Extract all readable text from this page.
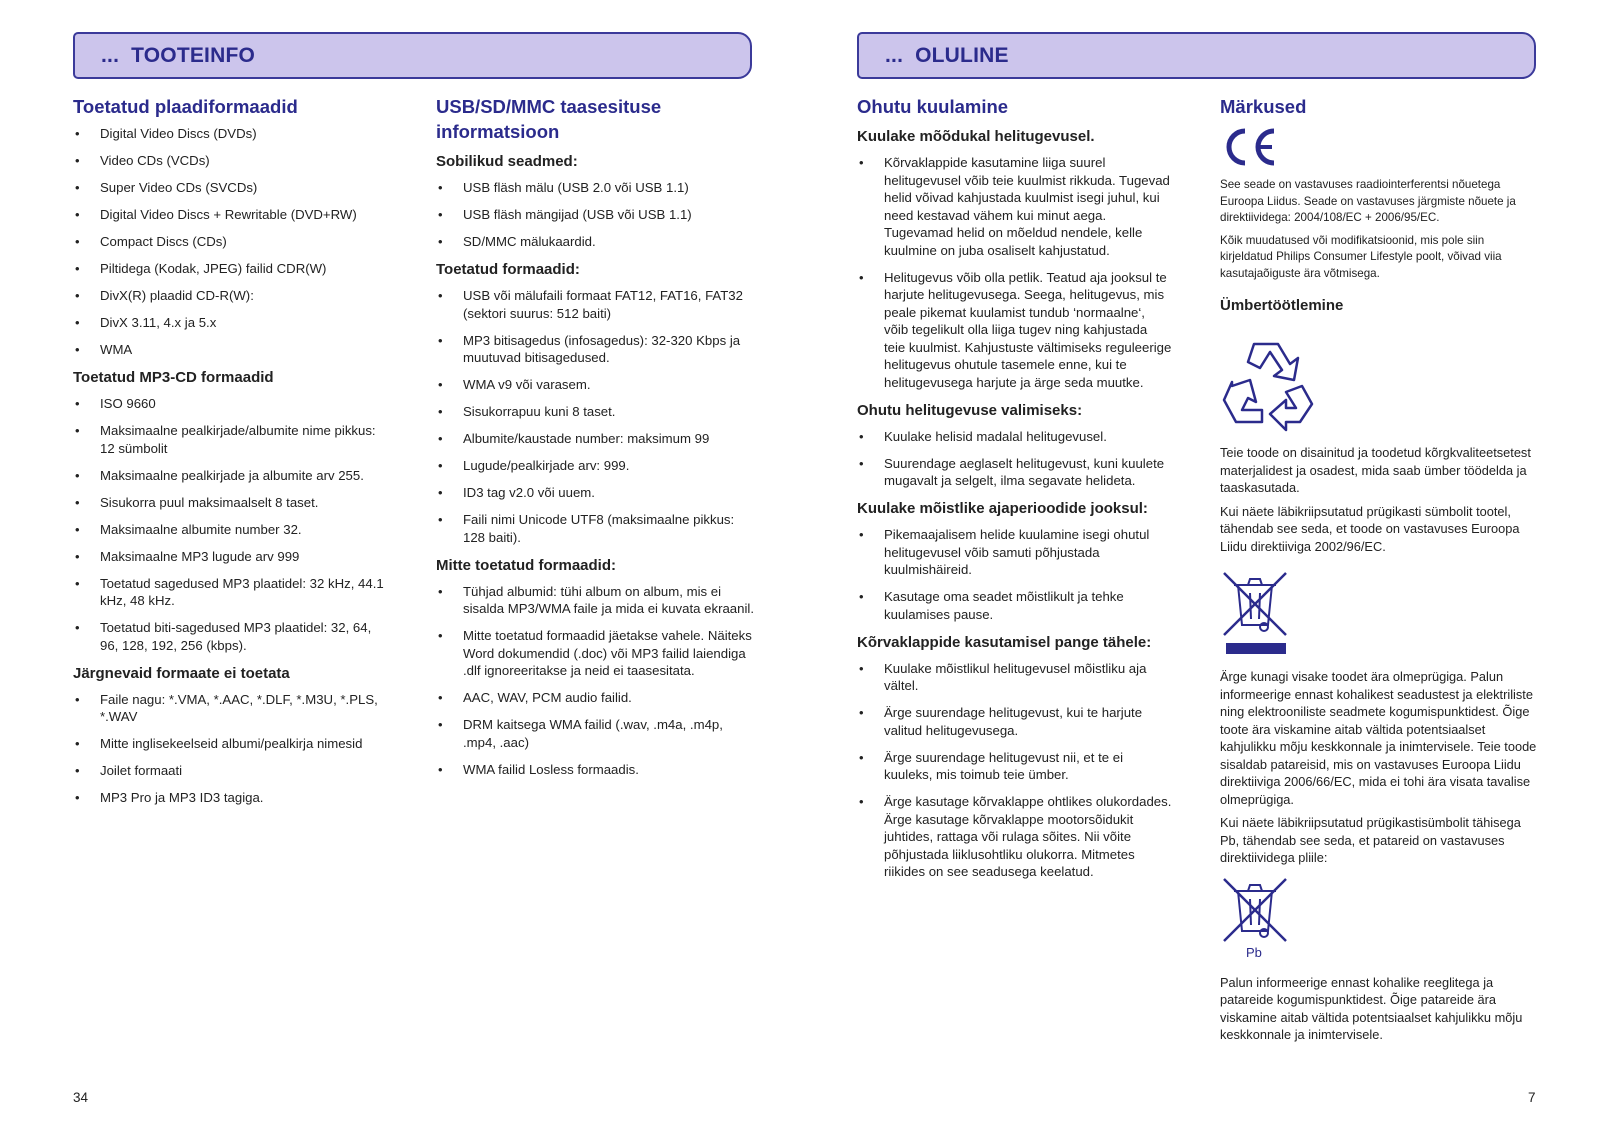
... TOOTEINFO
Toetatud plaadiformaadid
• Digital Video Discs (DVDs)
• Video CDs (VCDs)
• Super Video CDs (SVCDs)
• Digital Video Discs + Rewritable (DVD+RW)
• Compact Discs (CDs)
• Piltidega (Kodak, JPEG) failid CDR(W)
• DivX(R) plaadid CD-R(W):
• DivX 3.11, 4.x ja 5.x
• WMA
Toetatud MP3-CD formaadid
• ISO 9660
• Maksimaalne pealkirjade/albumite nime pikkus: 12 sümbolit
• Maksimaalne pealkirjade ja albumite arv 255.
• Sisukorra puul maksimaalselt 8 taset.
• Maksimaalne albumite number 32.
• Maksimaalne MP3 lugude arv 999
• Toetatud sagedused MP3 plaatidel: 32 kHz, 44.1 kHz, 48 kHz.
• Toetatud biti-sagedused MP3 plaatidel: 32, 64, 96, 128, 192, 256 (kbps).
Järgnevaid formaate ei toetata
• Faile nagu: *.VMA, *.AAC, *.DLF, *.M3U, *.PLS, *.WAV
• Mitte inglisekeelseid albumi/pealkirja nimesid
• Joilet formaati
• MP3 Pro ja MP3 ID3 tagiga.
USB/SD/MMC taasesituse informatsioon
Sobilikud seadmed:
• USB fläsh mälu (USB 2.0 või USB 1.1)
• USB fläsh mängijad (USB või USB 1.1)
• SD/MMC mälukaardid.
Toetatud formaadid:
• USB või mälufaili formaat FAT12, FAT16, FAT32 (sektori suurus: 512 baiti)
• MP3 bitisagedus (infosagedus): 32-320 Kbps ja muutuvad bitisagedused.
• WMA v9 või varasem.
• Sisukorrapuu kuni 8 taset.
• Albumite/kaustade number: maksimum 99
• Lugude/pealkirjade arv: 999.
• ID3 tag v2.0 või uuem.
• Faili nimi Unicode UTF8 (maksimaalne pikkus: 128 baiti).
Mitte toetatud formaadid:
• Tühjad albumid: tühi album on album, mis ei sisalda MP3/WMA faile ja mida ei kuvata ekraanil.
• Mitte toetatud formaadid jäetakse vahele. Näiteks Word dokumendid (.doc) või MP3 failid laiendiga .dlf ignoreeritakse ja neid ei taasesitata.
• AAC, WAV, PCM audio failid.
• DRM kaitsega WMA failid (.wav, .m4a, .m4p, .mp4, .aac)
• WMA failid Losless formaadis.
34
... OLULINE
Ohutu kuulamine
Kuulake mõõdukal helitugevusel.
• Kõrvaklappide kasutamine liiga suurel helitugevusel võib teie kuulmist rikkuda. Tugevad helid võivad kahjustada kuulmist isegi juhul, kui need kestavad vähem kui minut aega. Tugevamad helid on mõeldud nendele, kelle kuulmine on juba osaliselt kahjustatud.
• Helitugevus võib olla petlik. Teatud aja jooksul te harjute helitugevusega. Seega, helitugevus, mis peale pikemat kuulamist tundub ‘normaalne‘, võib tegelikult olla liiga tugev ning kahjustada teie kuulmist. Kahjustuste vältimiseks reguleerige helitugevus ohutule tasemele enne, kui te helitugevusega harjute ja ärge seda muutke.
Ohutu helitugevuse valimiseks:
• Kuulake helisid madalal helitugevusel.
• Suurendage aeglaselt helitugevust, kuni kuulete mugavalt ja selgelt, ilma segavate helideta.
Kuulake mõistlike ajaperioodide jooksul:
• Pikemaajalisem helide kuulamine isegi ohutul helitugevusel võib samuti põhjustada kuulmishäireid.
• Kasutage oma seadet mõistlikult ja tehke kuulamises pause.
Kõrvaklappide kasutamisel pange tähele:
• Kuulake mõistlikul helitugevusel mõistliku aja vältel.
• Ärge suurendage helitugevust, kui te harjute valitud helitugevusega.
• Ärge suurendage helitugevust nii, et te ei kuuleks, mis toimub teie ümber.
• Ärge kasutage kõrvaklappe ohtlikes olukordades. Ärge kasutage kõrvaklappe mootorsõidukit juhtides, rattaga või rulaga sõites. Nii võite põhjustada liiklusohtliku olukorra. Mitmetes riikides on see seadusega keelatud.
Märkused

See seade on vastavuses raadiointerferentsi nõuetega Euroopa Liidus. Seade on vastavuses järgmiste nõuete ja direktiividega: 2004/108/EC + 2006/95/EC.

Kõik muudatused või modifikatsioonid, mis pole siin kirjeldatud Philips Consumer Lifestyle poolt, võivad viia kasutajaõiguste ära võtmisega.

Ümbertöötlemine

Teie toode on disainitud ja toodetud kõrgkvaliteetsetest materjalidest ja osadest, mida saab ümber töödelda ja taaskasutada.

Kui näete läbikriipsutatud prügikasti sümbolit tootel, tähendab see seda, et toode on vastavuses Euroopa Liidu direktiiviga 2002/96/EC.

Ärge kunagi visake toodet ära olmeprügiga. Palun informeerige ennast kohalikest seadustest ja elektriliste ning elektrooniliste seadmete kogumispunktidest. Õige toote ära viskamine aitab vältida potentsiaalset kahjulikku mõju keskkonnale ja inimtervisele. Teie toode sisaldab patareisid, mis on vastavuses Euroopa Liidu direktiiviga 2006/66/EC, mida ei tohi ära visata tavalise olmeprügiga.

Kui näete läbikriipsutatud prügikastisümbolit tähisega Pb, tähendab see seda, et patareid on vastavuses direktiividega pliile:

Pb

Palun informeerige ennast kohalike reeglitega ja patareide kogumispunktidest. Õige patareide ära viskamine aitab vältida potentsiaalset kahjulikku mõju keskkonnale ja inimtervisele.

7
